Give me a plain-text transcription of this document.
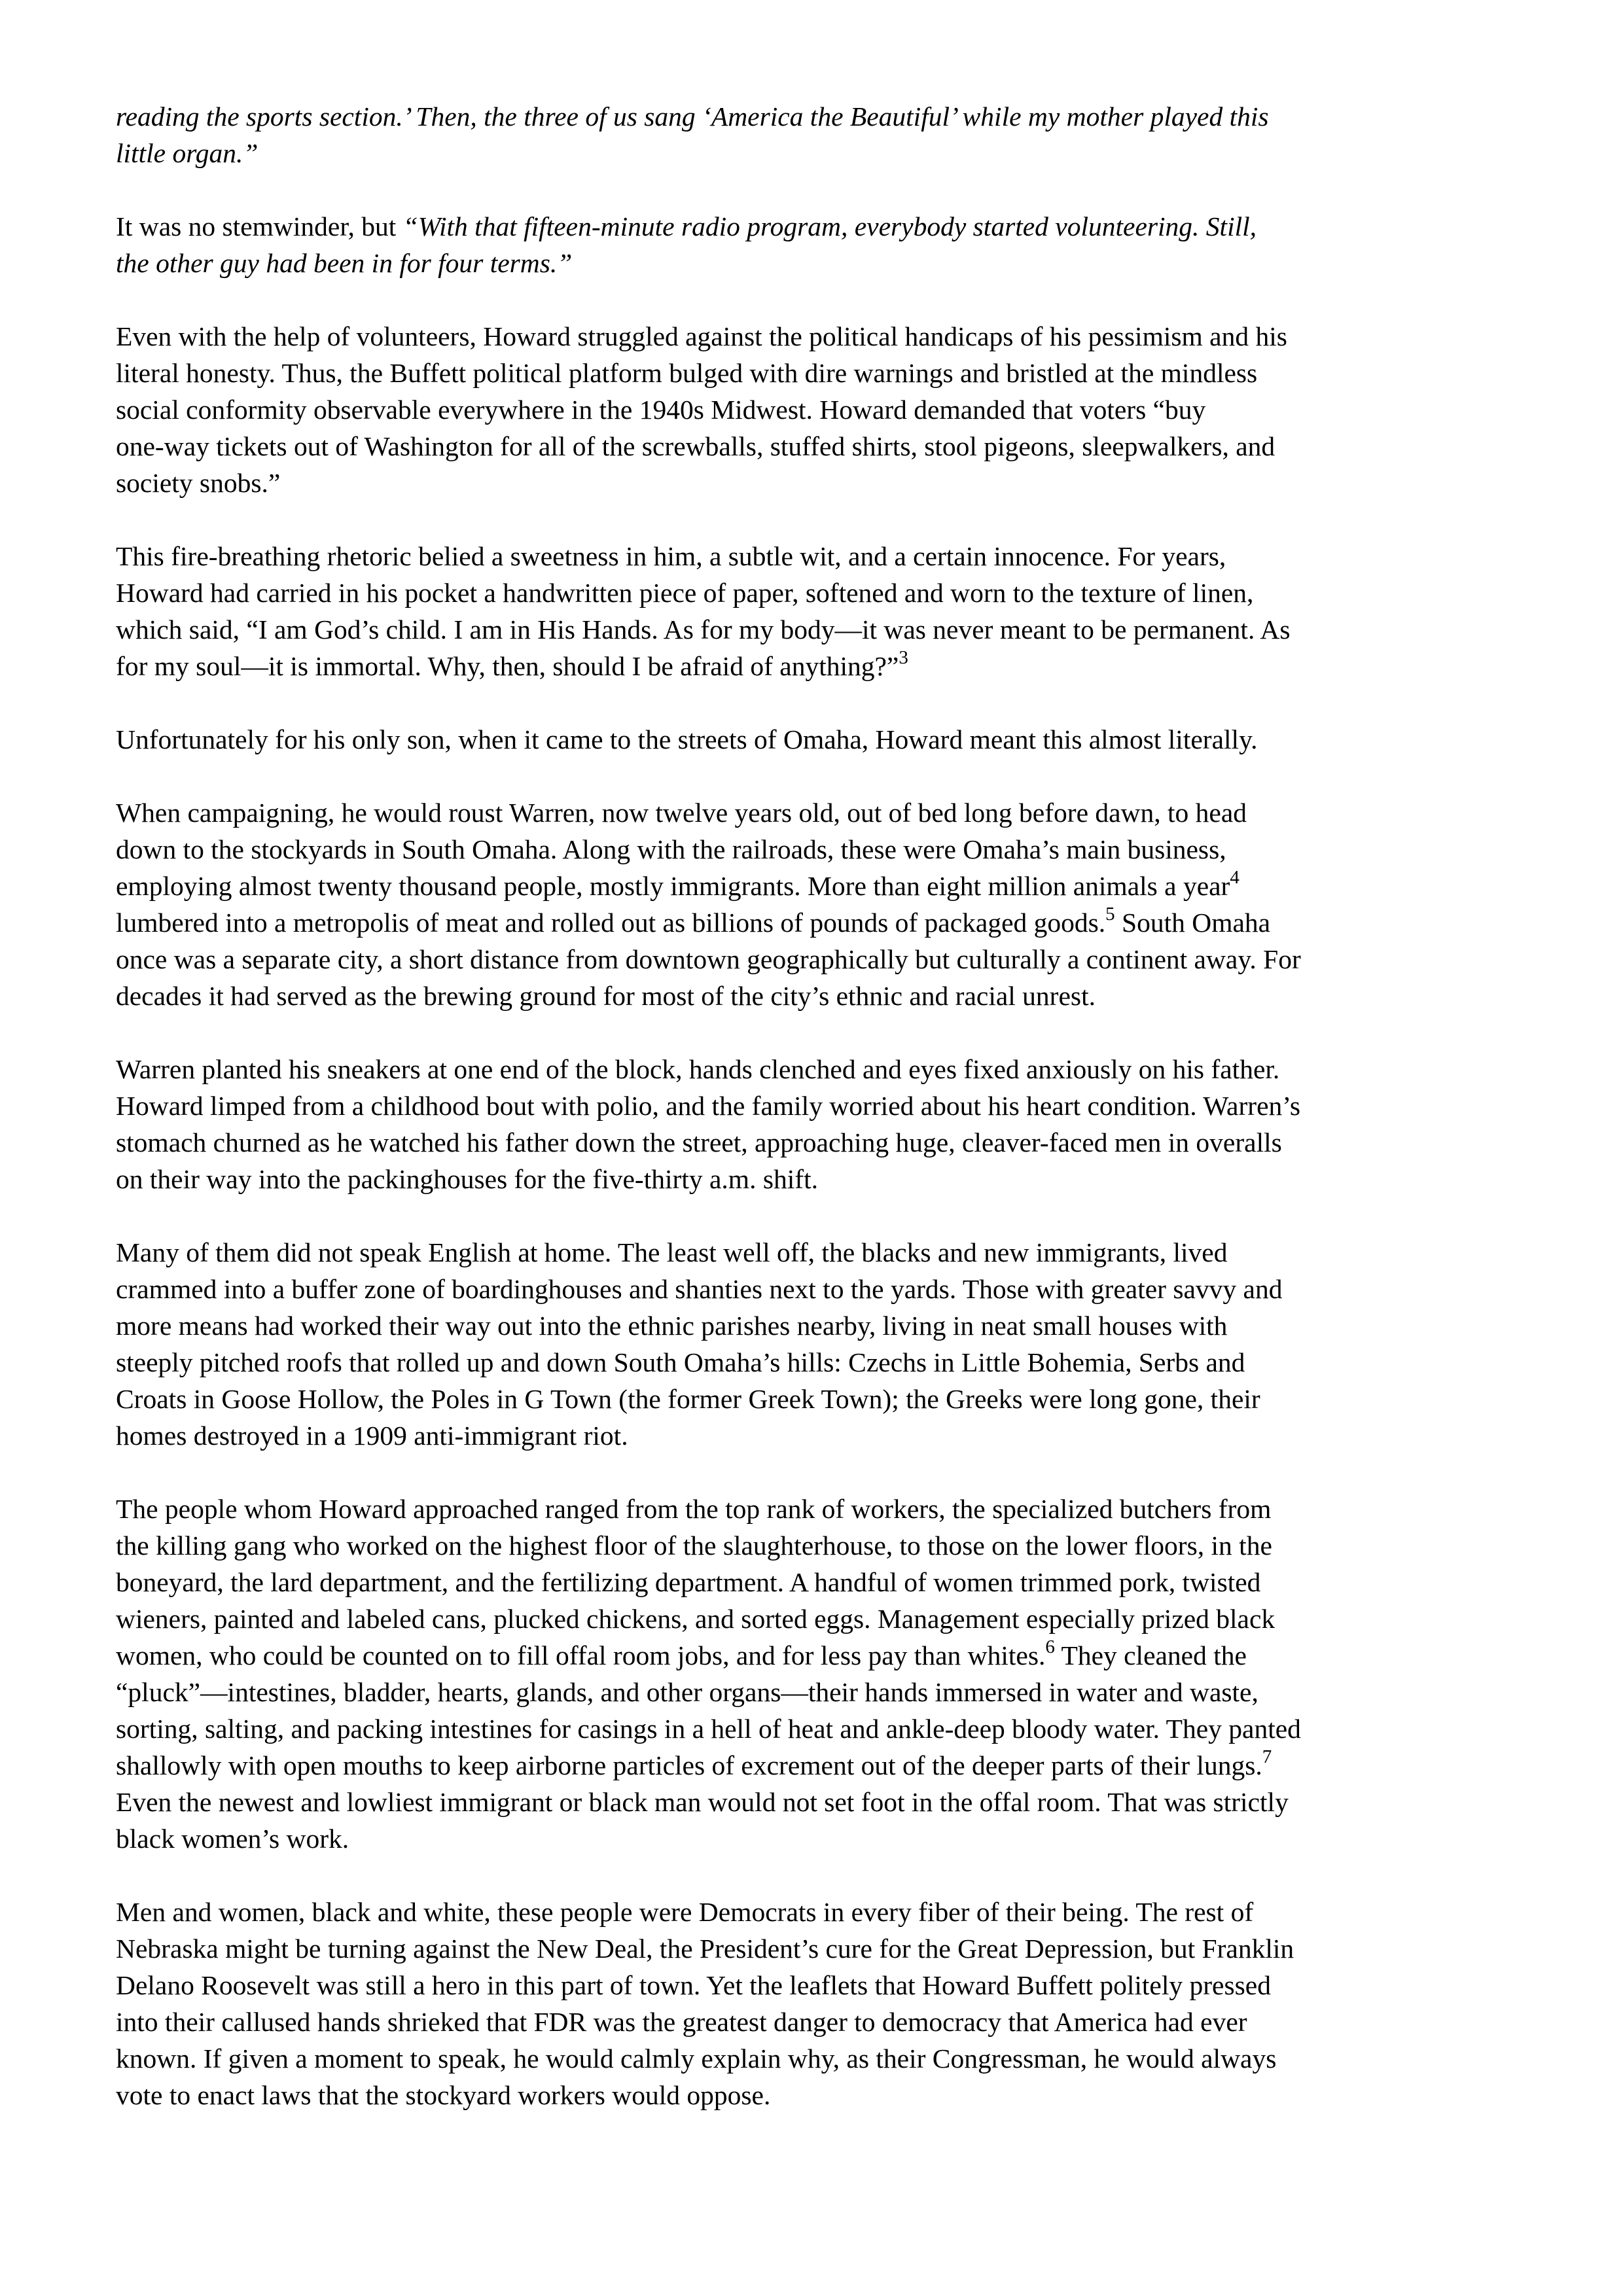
reading the sports section.’ Then, the three of us sang ‘America the Beautiful’ while my mother played this
little organ.”
It was no stemwinder, but “With that fifteen-minute radio program, everybody started volunteering. Still,
the other guy had been in for four terms.”
Even with the help of volunteers, Howard struggled against the political handicaps of his pessimism and his
literal honesty. Thus, the Buffett political platform bulged with dire warnings and bristled at the mindless
social conformity observable everywhere in the 1940s Midwest. Howard demanded that voters “buy
one-way tickets out of Washington for all of the screwballs, stuffed shirts, stool pigeons, sleepwalkers, and
society snobs.”
This fire-breathing rhetoric belied a sweetness in him, a subtle wit, and a certain innocence. For years,
Howard had carried in his pocket a handwritten piece of paper, softened and worn to the texture of linen,
which said, “I am God’s child. I am in His Hands. As for my body—it was never meant to be permanent. As
for my soul—it is immortal. Why, then, should I be afraid of anything?”$^3$
Unfortunately for his only son, when it came to the streets of Omaha, Howard meant this almost literally.
When campaigning, he would roust Warren, now twelve years old, out of bed long before dawn, to head
down to the stockyards in South Omaha. Along with the railroads, these were Omaha’s main business,
employing almost twenty thousand people, mostly immigrants. More than eight million animals a year$^4$
lumbered into a metropolis of meat and rolled out as billions of pounds of packaged goods.$^5$ South Omaha
once was a separate city, a short distance from downtown geographically but culturally a continent away. For
decades it had served as the brewing ground for most of the city’s ethnic and racial unrest.
Warren planted his sneakers at one end of the block, hands clenched and eyes fixed anxiously on his father.
Howard limped from a childhood bout with polio, and the family worried about his heart condition. Warren’s
stomach churned as he watched his father down the street, approaching huge, cleaver-faced men in overalls
on their way into the packinghouses for the five-thirty a.m. shift.
Many of them did not speak English at home. The least well off, the blacks and new immigrants, lived
crammed into a buffer zone of boardinghouses and shanties next to the yards. Those with greater savvy and
more means had worked their way out into the ethnic parishes nearby, living in neat small houses with
steeply pitched roofs that rolled up and down South Omaha’s hills: Czechs in Little Bohemia, Serbs and
Croats in Goose Hollow, the Poles in G Town (the former Greek Town); the Greeks were long gone, their
homes destroyed in a 1909 anti-immigrant riot.
The people whom Howard approached ranged from the top rank of workers, the specialized butchers from
the killing gang who worked on the highest floor of the slaughterhouse, to those on the lower floors, in the
boneyard, the lard department, and the fertilizing department. A handful of women trimmed pork, twisted
wieners, painted and labeled cans, plucked chickens, and sorted eggs. Management especially prized black
women, who could be counted on to fill offal room jobs, and for less pay than whites.$^6$ They cleaned the
“pluck”—intestines, bladder, hearts, glands, and other organs—their hands immersed in water and waste,
sorting, salting, and packing intestines for casings in a hell of heat and ankle-deep bloody water. They panted
shallowly with open mouths to keep airborne particles of excrement out of the deeper parts of their lungs.$^7$
Even the newest and lowliest immigrant or black man would not set foot in the offal room. That was strictly
black women’s work.
Men and women, black and white, these people were Democrats in every fiber of their being. The rest of
Nebraska might be turning against the New Deal, the President’s cure for the Great Depression, but Franklin
Delano Roosevelt was still a hero in this part of town. Yet the leaflets that Howard Buffett politely pressed
into their callused hands shrieked that FDR was the greatest danger to democracy that America had ever
known. If given a moment to speak, he would calmly explain why, as their Congressman, he would always
vote to enact laws that the stockyard workers would oppose.
